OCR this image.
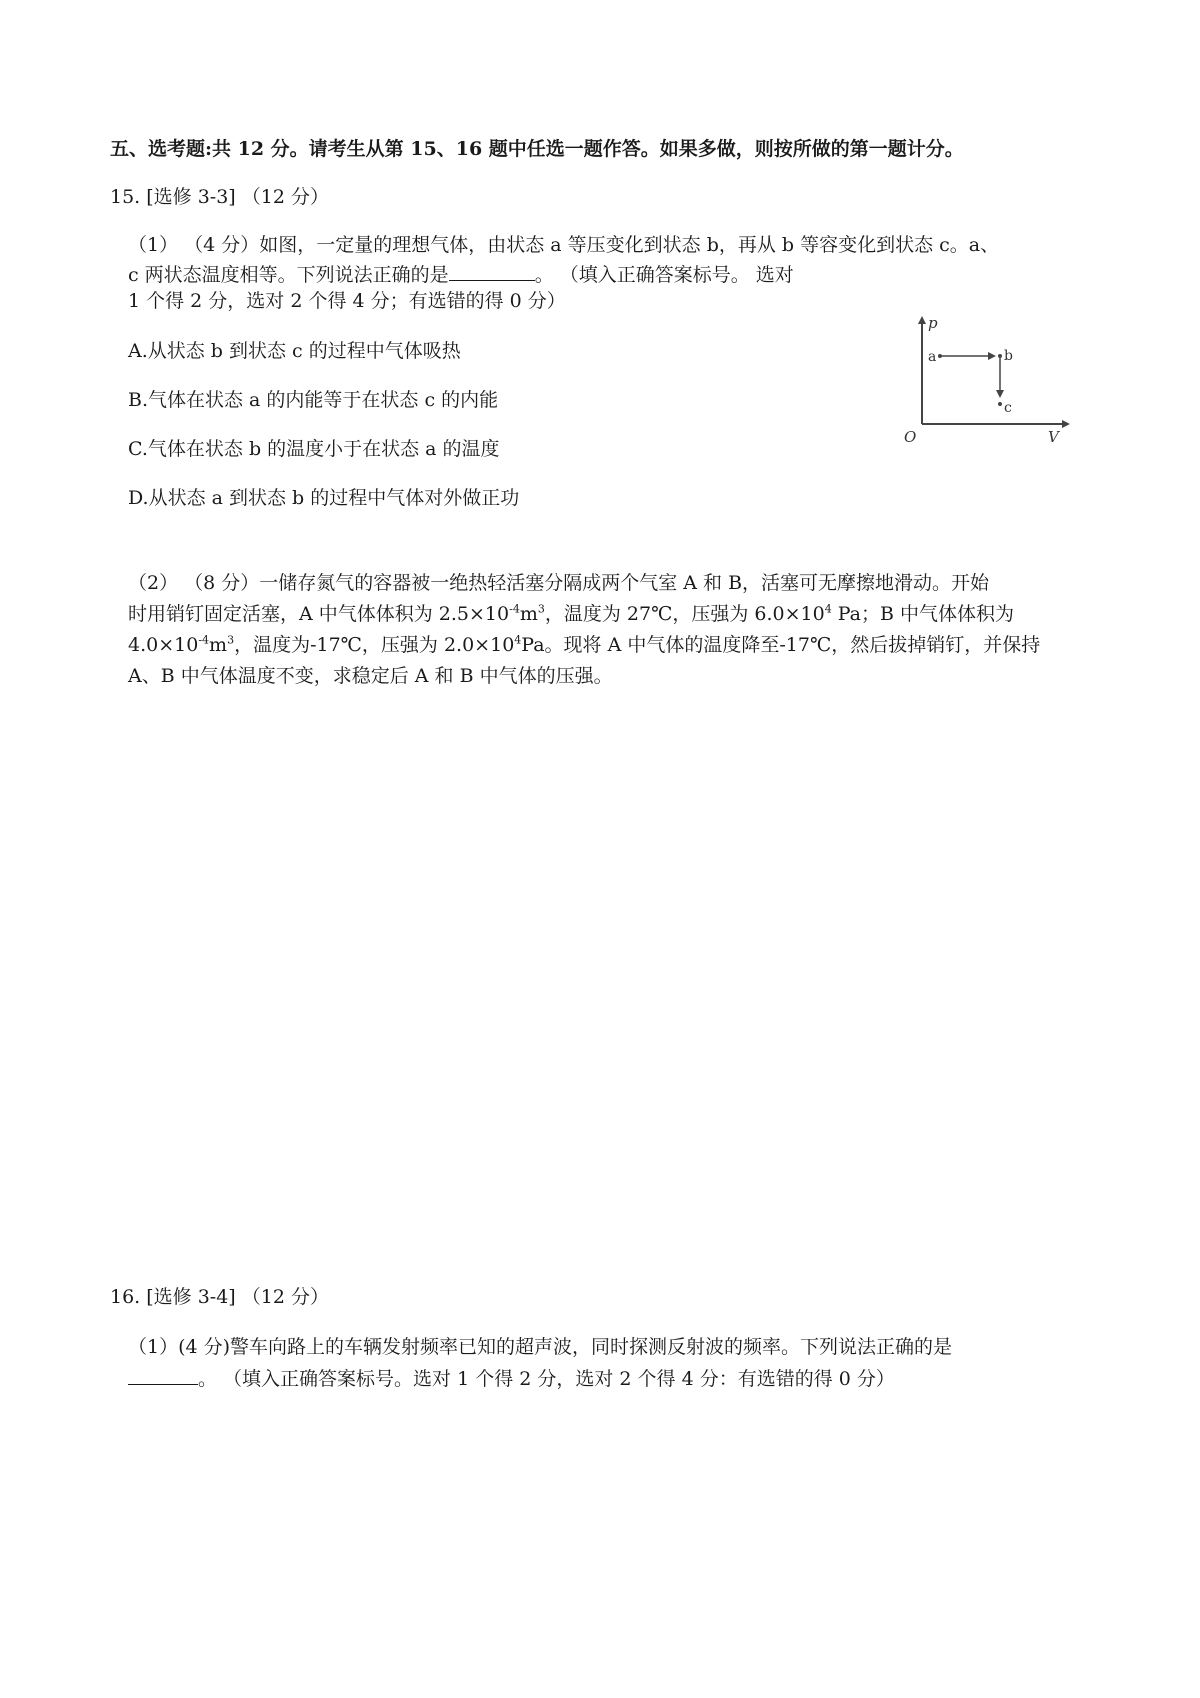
五、选考题:共 12 分。请考生从第 15、16 题中任选一题作答。如果多做，则按所做的第一题计分。
15. [选修 3-3] （12 分）
（1） （4 分）如图，一定量的理想气体，由状态 a 等压变化到状态 b，再从 b 等容变化到状态 c。a、
c 两状态温度相等。下列说法正确的是	。 （填入正确答案标号。 选对
1 个得 2 分，选对 2 个得 4 分；有选错的得 0 分）
A.从状态 b 到状态 c 的过程中气体吸热
B.气体在状态 a 的内能等于在状态 c 的内能
C.气体在状态 b 的温度小于在状态 a 的温度
D.从状态 a 到状态 b 的过程中气体对外做正功
p
V
O
a	b
c
（2） （8 分）一储存氮气的容器被一绝热轻活塞分隔成两个气室 A 和 B，活塞可无摩擦地滑动。开始
时用销钉固定活塞，A 中气体体积为 $2.5\times 10^{-4}m^3$，温度为 27℃，压强为 $6.0\times 10^4$ Pa；B 中气体体积为
$4.0\times 10^{-4}m^3$，温度为-17℃，压强为 $2.0\times 10^4Pa$。现将 A 中气体的温度降至-17℃，然后拔掉销钉，并保持
A、B 中气体温度不变，求稳定后 A 和 B 中气体的压强。
16. [选修 3-4] （12 分）
（1）(4 分)警车向路上的车辆发射频率已知的超声波，同时探测反射波的频率。下列说法正确的是
。 （填入正确答案标号。选对 1 个得 2 分，选对 2 个得 4 分：有选错的得 0 分）
